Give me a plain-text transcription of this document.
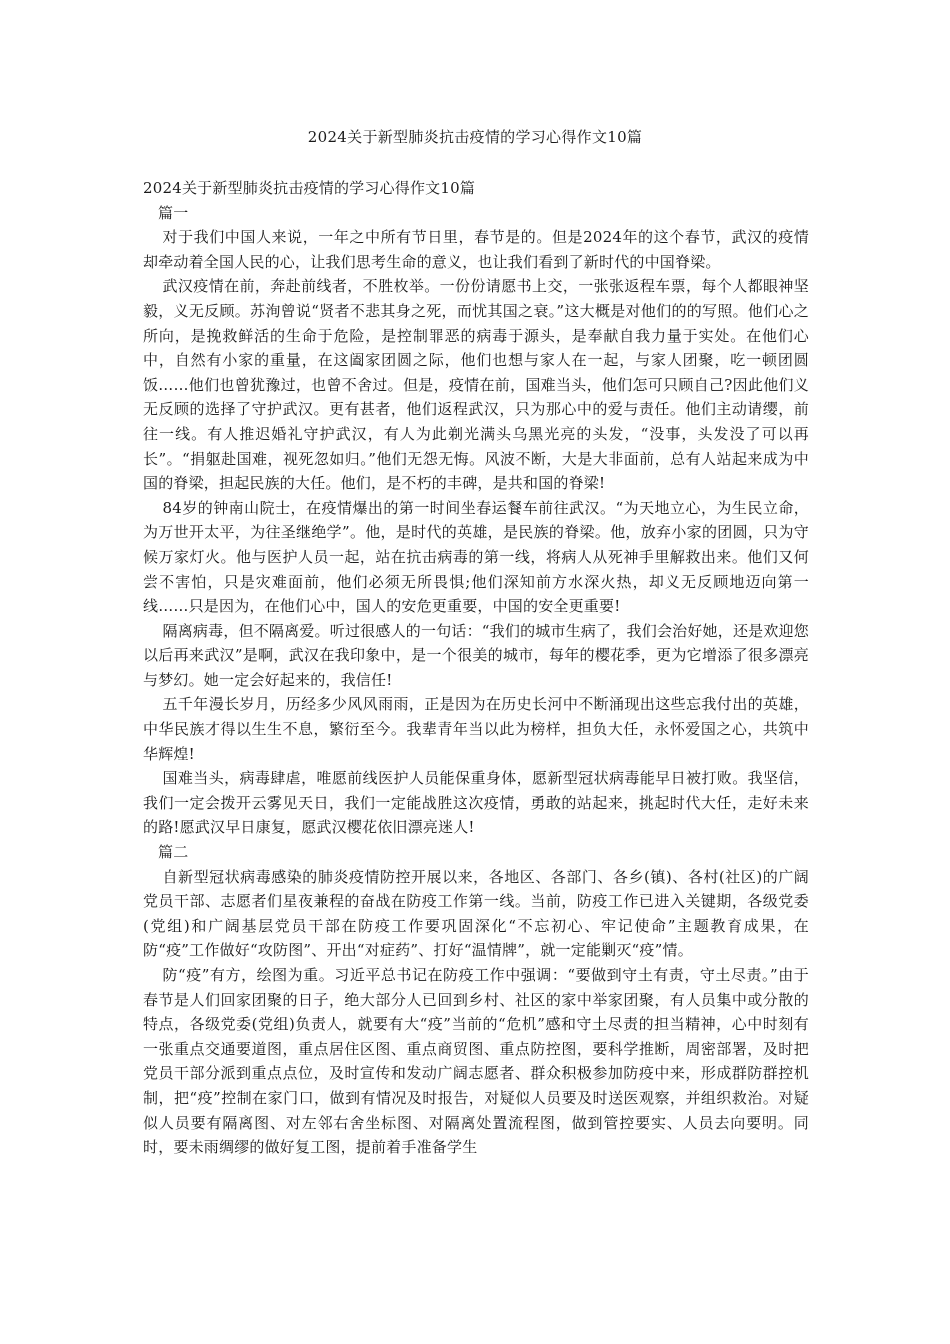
2024关于新型肺炎抗击疫情的学习心得作文10篇

2024关于新型肺炎抗击疫情的学习心得作文10篇

篇一

对于我们中国人来说，一年之中所有节日里，春节是的。但是2024年的这个春节，武汉的疫情却牵动着全国人民的心，让我们思考生命的意义，也让我们看到了新时代的中国脊梁。

武汉疫情在前，奔赴前线者，不胜枚举。一份份请愿书上交，一张张返程车票，每个人都眼神坚毅，义无反顾。苏洵曾说“贤者不悲其身之死，而忧其国之衰。”这大概是对他们的的写照。他们心之所向，是挽救鲜活的生命于危险，是控制罪恶的病毒于源头，是奉献自我力量于实处。在他们心中，自然有小家的重量，在这阖家团圆之际，他们也想与家人在一起，与家人团聚，吃一顿团圆饭……他们也曾犹豫过，也曾不舍过。但是，疫情在前，国难当头，他们怎可只顾自己?因此他们义无反顾的选择了守护武汉。更有甚者，他们返程武汉，只为那心中的爱与责任。他们主动请缨，前往一线。有人推迟婚礼守护武汉，有人为此剃光满头乌黑光亮的头发，“没事，头发没了可以再长”。“捐躯赴国难，视死忽如归。”他们无怨无悔。风波不断，大是大非面前，总有人站起来成为中国的脊梁，担起民族的大任。他们，是不朽的丰碑，是共和国的脊梁!

84岁的钟南山院士，在疫情爆出的第一时间坐春运餐车前往武汉。“为天地立心，为生民立命，为万世开太平，为往圣继绝学”。他，是时代的英雄，是民族的脊梁。他，放弃小家的团圆，只为守候万家灯火。他与医护人员一起，站在抗击病毒的第一线，将病人从死神手里解救出来。他们又何尝不害怕，只是灾难面前，他们必须无所畏惧;他们深知前方水深火热，却义无反顾地迈向第一线……只是因为，在他们心中，国人的安危更重要，中国的安全更重要!

隔离病毒，但不隔离爱。听过很感人的一句话：“我们的城市生病了，我们会治好她，还是欢迎您以后再来武汉”是啊，武汉在我印象中，是一个很美的城市，每年的樱花季，更为它增添了很多漂亮与梦幻。她一定会好起来的，我信任!

五千年漫长岁月，历经多少风风雨雨，正是因为在历史长河中不断涌现出这些忘我付出的英雄，中华民族才得以生生不息，繁衍至今。我辈青年当以此为榜样，担负大任，永怀爱国之心，共筑中华辉煌!

国难当头，病毒肆虐，唯愿前线医护人员能保重身体，愿新型冠状病毒能早日被打败。我坚信，我们一定会拨开云雾见天日，我们一定能战胜这次疫情，勇敢的站起来，挑起时代大任，走好未来的路!愿武汉早日康复，愿武汉樱花依旧漂亮迷人!

篇二

自新型冠状病毒感染的肺炎疫情防控开展以来，各地区、各部门、各乡(镇)、各村(社区)的广阔党员干部、志愿者们星夜兼程的奋战在防疫工作第一线。当前，防疫工作已进入关键期，各级党委(党组)和广阔基层党员干部在防疫工作要巩固深化“不忘初心、牢记使命”主题教育成果，在防“疫”工作做好“攻防图”、开出“对症药”、打好“温情牌”，就一定能剿灭“疫”情。

防“疫”有方，绘图为重。习近平总书记在防疫工作中强调：“要做到守土有责，守土尽责。”由于春节是人们回家团聚的日子，绝大部分人已回到乡村、社区的家中举家团聚，有人员集中或分散的特点，各级党委(党组)负责人，就要有大“疫”当前的“危机”感和守土尽责的担当精神，心中时刻有一张重点交通要道图，重点居住区图、重点商贸图、重点防控图，要科学推断，周密部署，及时把党员干部分派到重点点位，及时宣传和发动广阔志愿者、群众积极参加防疫中来，形成群防群控机制，把“疫”控制在家门口，做到有情况及时报告，对疑似人员要及时送医观察，并组织救治。对疑似人员要有隔离图、对左邻右舍坐标图、对隔离处置流程图，做到管控要实、人员去向要明。同时，要未雨绸缪的做好复工图，提前着手准备学生
